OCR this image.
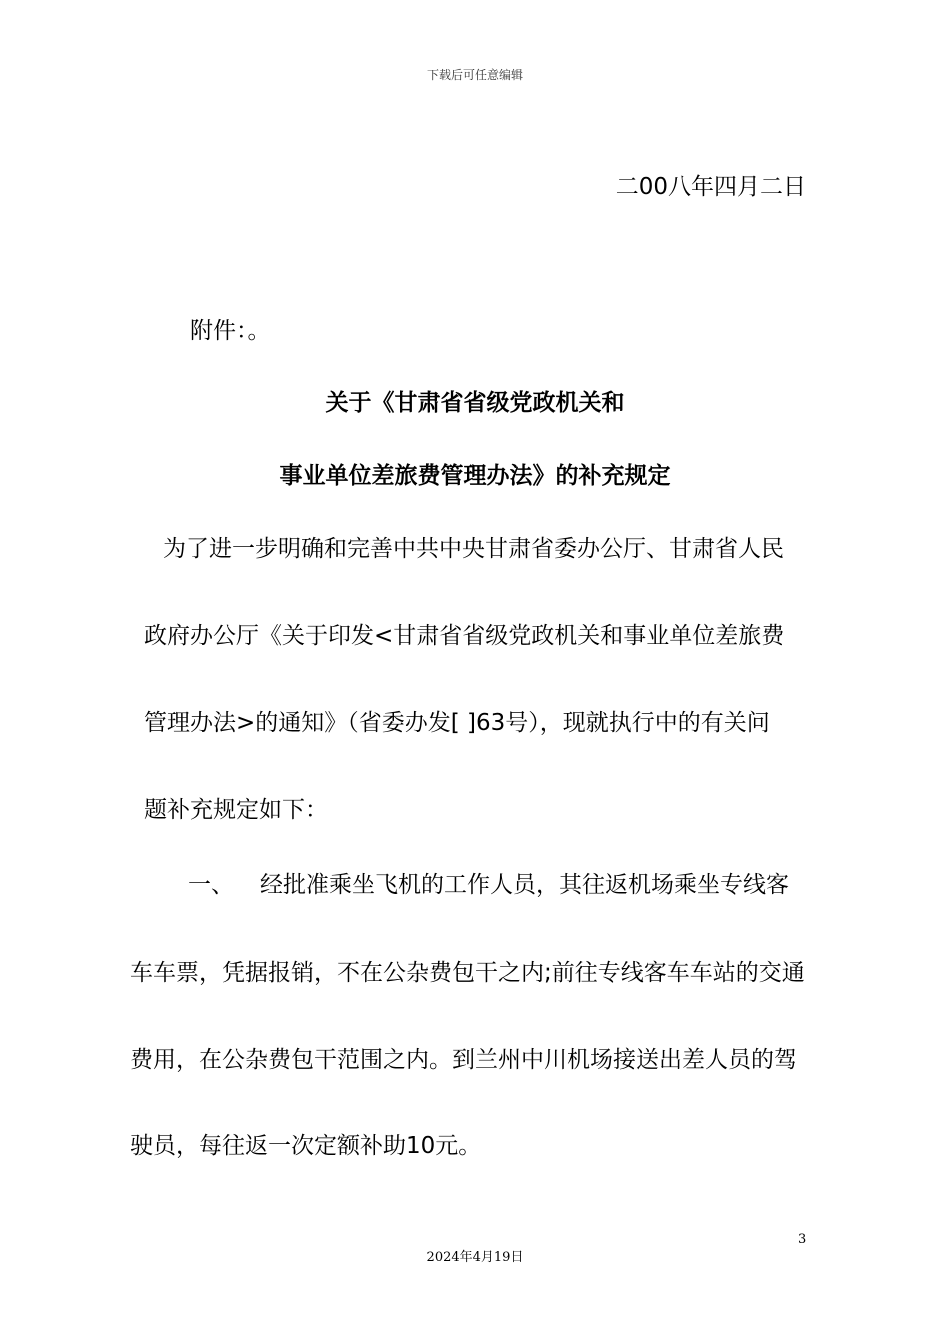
下载后可任意编辑
二00八年四月二日
附件：。
关于《甘肃省省级党政机关和
事业单位差旅费管理办法》的补充规定
为了进一步明确和完善中共中央甘肃省委办公厅、甘肃省人民
政府办公厅《关于印发<甘肃省省级党政机关和事业单位差旅费
管理办法>的通知》（省委办发[ ]63号），现就执行中的有关问
题补充规定如下：
一、 经批准乘坐飞机的工作人员，其往返机场乘坐专线客
车车票，凭据报销，不在公杂费包干之内;前往专线客车车站的交通
费用，在公杂费包干范围之内。到兰州中川机场接送出差人员的驾
驶员，每往返一次定额补助10元。
3
2024年4月19日
